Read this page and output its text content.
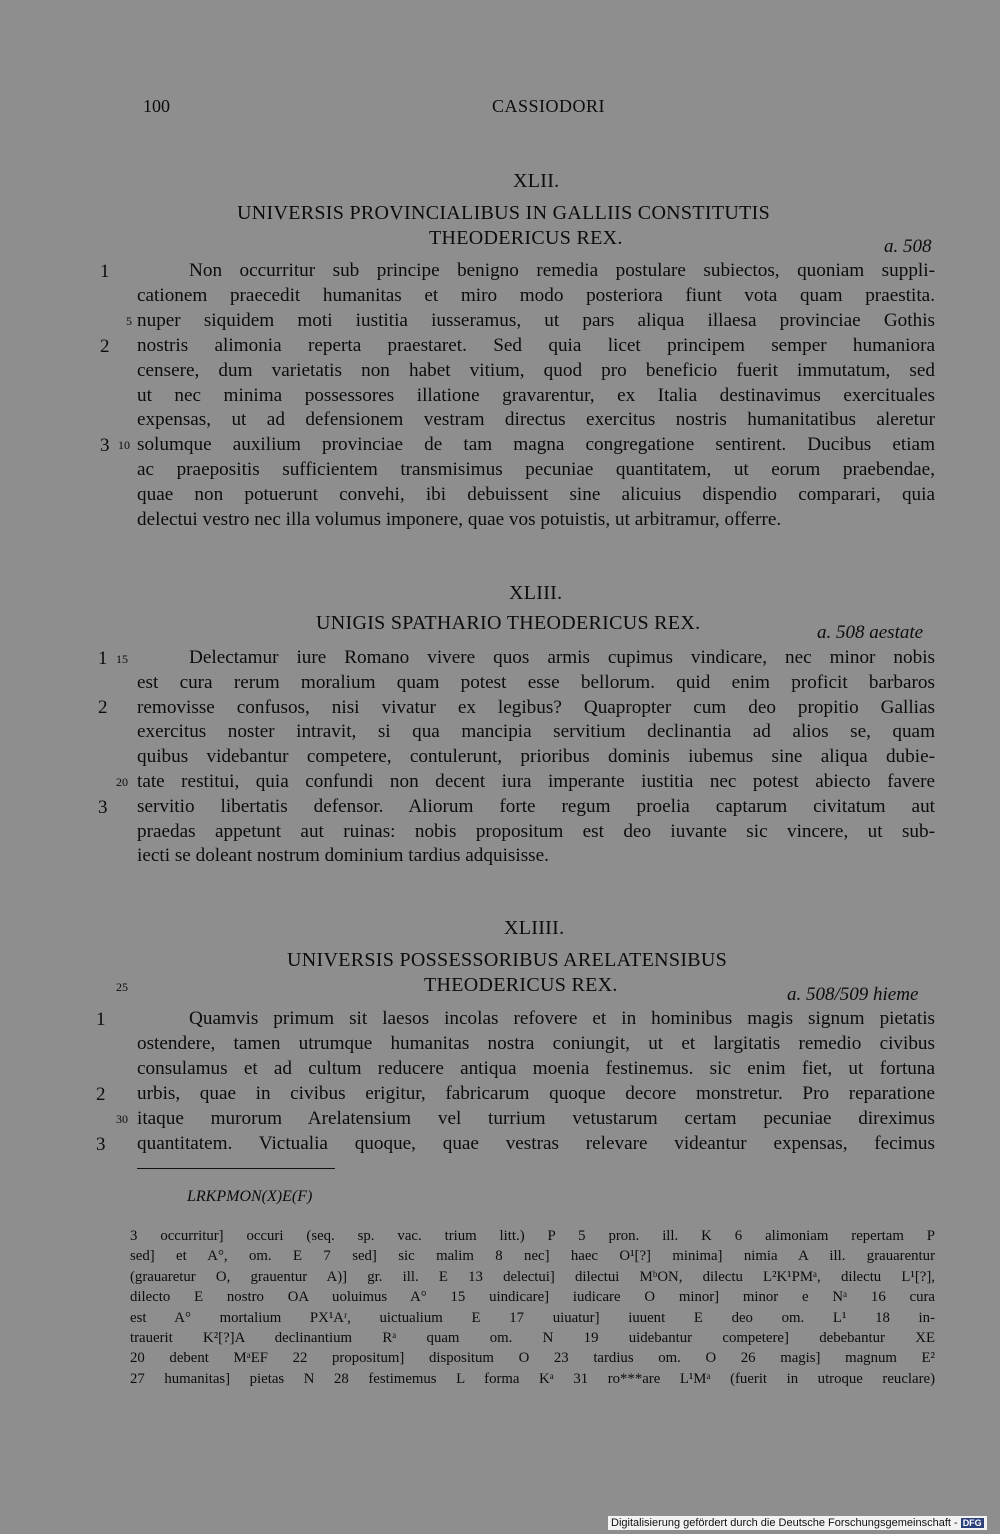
100	CASSIODORI
XLII.
UNIVERSIS PROVINCIALIBUS IN GALLIIS CONSTITUTIS
THEODERICUS REX.	a. 508
Non occurritur sub principe benigno remedia postulare subiectos, quoniam suppli-
cationem praecedit humanitas et miro modo posteriora fiunt vota quam praestita.
nuper siquidem moti iustitia iusseramus, ut pars aliqua illaesa provinciae Gothis
nostris alimonia reperta praestaret. Sed quia licet principem semper humaniora
censere, dum varietatis non habet vitium, quod pro beneficio fuerit immutatum, sed
ut nec minima possessores illatione gravarentur, ex Italia destinavimus exercituales
expensas, ut ad defensionem vestram directus exercitus nostris humanitatibus aleretur
solumque auxilium provinciae de tam magna congregatione sentirent. Ducibus etiam
ac praepositis sufficientem transmisimus pecuniae quantitatem, ut eorum praebendae,
quae non potuerunt convehi, ibi debuissent sine alicuius dispendio comparari, quia
delectui vestro nec illa volumus imponere, quae vos potuistis, ut arbitramur, offerre.
1
2
3
5
10
XLIII.
UNIGIS SPATHARIO THEODERICUS REX.	a. 508 aestate
Delectamur iure Romano vivere quos armis cupimus vindicare, nec minor nobis
est cura rerum moralium quam potest esse bellorum. quid enim proficit barbaros
removisse confusos, nisi vivatur ex legibus? Quapropter cum deo propitio Gallias
exercitus noster intravit, si qua mancipia servitium declinantia ad alios se, quam
quibus videbantur competere, contulerunt, prioribus dominis iubemus sine aliqua dubie-
tate restitui, quia confundi non decent iura imperante iustitia nec potest abiecto favere
servitio libertatis defensor. Aliorum forte regum proelia captarum civitatum aut
praedas appetunt aut ruinas: nobis propositum est deo iuvante sic vincere, ut sub-
iecti se doleant nostrum dominium tardius adquisisse.
1
2
3
15
20
XLIIII.
UNIVERSIS POSSESSORIBUS ARELATENSIBUS
THEODERICUS REX.	a. 508/509 hieme
Quamvis primum sit laesos incolas refovere et in hominibus magis signum pietatis
ostendere, tamen utrumque humanitas nostra coniungit, ut et largitatis remedio civibus
consulamus et ad cultum reducere antiqua moenia festinemus. sic enim fiet, ut fortuna
urbis, quae in civibus erigitur, fabricarum quoque decore monstretur. Pro reparatione
itaque murorum Arelatensium vel turrium vetustarum certam pecuniae direximus
quantitatem. Victualia quoque, quae vestras relevare videantur expensas, fecimus
1
2
3
25
30
LRKPMON(X)E(F)
3 occurritur] occuri (seq. sp. vac. trium litt.) P 5 pron. ill. K 6 alimoniam repertam P
sed] et A°, om. E 7 sed] sic malim 8 nec] haec O¹[?] minima] nimia A ill. grauarentur
(grauaretur O, grauentur A)] gr. ill. E 13 delectui] dilectui MᵇON, dilectu L²K¹PMᵃ, dilectu L¹[?],
dilecto E nostro OA uoluimus A° 15 uindicare] iudicare O minor] minor e Nᵃ 16 cura
est A° mortalium PX¹Aʳ, uictualium E 17 uiuatur] iuuent E deo om. L¹ 18 in-
trauerit K²[?]A declinantium Rᵃ quam om. N 19 uidebantur competere] debebantur XE
20 debent MᵃEF 22 propositum] dispositum O 23 tardius om. O 26 magis] magnum E²
27 humanitas] pietas N 28 festimemus L forma Kᵃ 31 ro***are L¹Mᵃ (fuerit in utroque reuclare)
Digitalisierung gefördert durch die Deutsche Forschungsgemeinschaft - DFG
